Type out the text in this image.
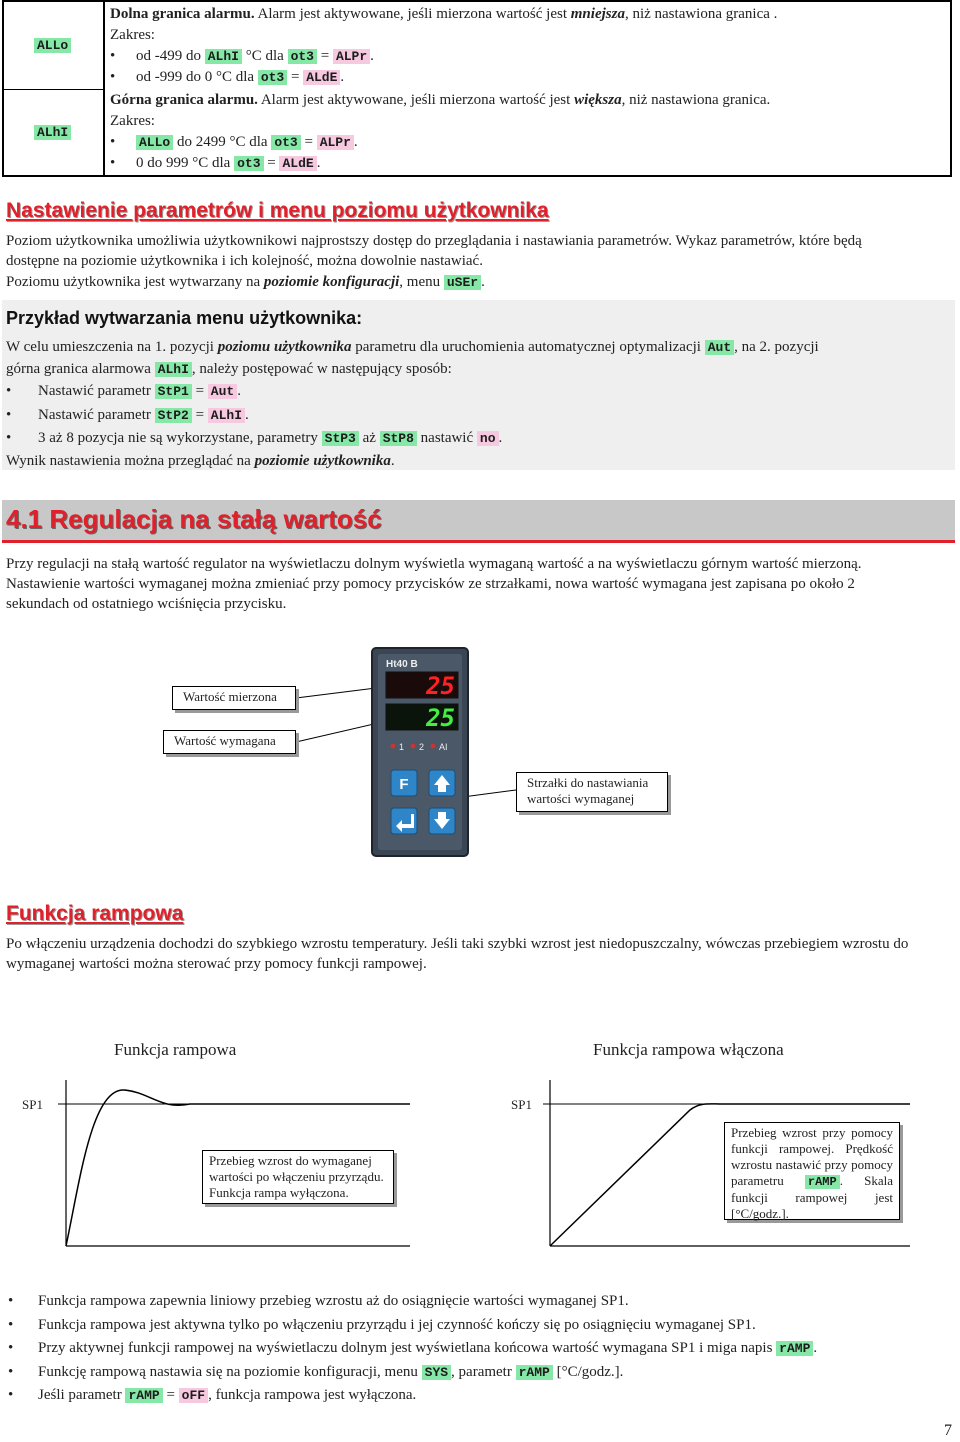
ALLo
ALhI

Dolna granica alarmu. Alarm jest aktywowane, jeśli mierzona wartość jest mniejsza, niż nastawiona granica .

Zakres:

• od -499 do ALhI °C dla ot3 = ALPr .

• od -999 do 0 °C dla ot3 = ALdE .

Górna granica alarmu. Alarm jest aktywowane, jeśli mierzona wartość jest większa, niż nastawiona granica.

Zakres:

• ALLo do 2499 °C dla ot3 = ALPr .

• 0 do 999 °C dla ot3 = ALdE .

Nastawienie parametrów i menu poziomu użytkownika

Poziom użytkownika umożliwia użytkownikowi najprostszy dostęp do przeglądania i nastawiania parametrów. Wykaz parametrów, które będą dostępne na poziomie użytkownika i ich kolejność, można dowolnie nastawiać.

Poziomu użytkownika jest wytwarzany na poziomie konfiguracji, menu uSEr .

Przykład wytwarzania menu użytkownika:
W celu umieszczenia na 1. pozycji poziomu użytkownika parametru dla uruchomienia automatycznej optymalizacji Aut , na 2. pozycji
górna granica alarmowa ALhI , należy postępować w następujący sposób:
• Nastawić parametr StP1 = Aut .
• Nastawić parametr StP2 = ALhI .
• 3 aż 8 pozycja nie są wykorzystane, parametry StP3 aż StP8 nastawić no .
Wynik nastawienia można przeglądać na poziomie użytkownika.
4.1 Regulacja na stałą wartość

Przy regulacji na stałą wartość regulator na wyświetlaczu dolnym wyświetla wymaganą wartość a na wyświetlaczu górnym wartość mierzoną. Nastawienie wartości wymaganej można zmieniać przy pomocy przycisków ze strzałkami, nowa wartość wymagana jest zapisana po około 2 sekundach od ostatniego wciśnięcia przycisku.

Ht40 B
25
25
1 2 AI
F
Wartość mierzona
Wartość wymagana
Strzałki do nastawiania wartości wymaganej
Funkcja rampowa

Po włączeniu urządzenia dochodzi do szybkiego wzrostu temperatury. Jeśli taki szybki wzrost jest niedopuszczalny, wówczas przebiegiem wzrostu do wymaganej wartości można sterować przy pomocy funkcji rampowej.

Funkcja rampowa	Funkcja rampowa włączona
SP1	SP1
Przebieg wzrost do wymaganej wartości po włączeniu przyrządu. Funkcja rampa wyłączona.
Przebieg wzrost przy pomocy funkcji rampowej. Prędkość wzrostu nastawić przy pomocy parametru rAMP . Skala funkcji rampowej jest [°C/godz.].
• Funkcja rampowa zapewnia liniowy przebieg wzrostu aż do osiągnięcie wartości wymaganej SP1.
• Funkcja rampowa jest aktywna tylko po włączeniu przyrządu i jej czynność kończy się po osiągnięciu wymaganej SP1.
• Przy aktywnej funkcji rampowej na wyświetlaczu dolnym jest wyświetlana końcowa wartość wymagana SP1 i miga napis rAMP .
• Funkcję rampową nastawia się na poziomie konfiguracji, menu SYS , parametr rAMP [°C/godz.].
• Jeśli parametr rAMP = oFF , funkcja rampowa jest wyłączona.
7
